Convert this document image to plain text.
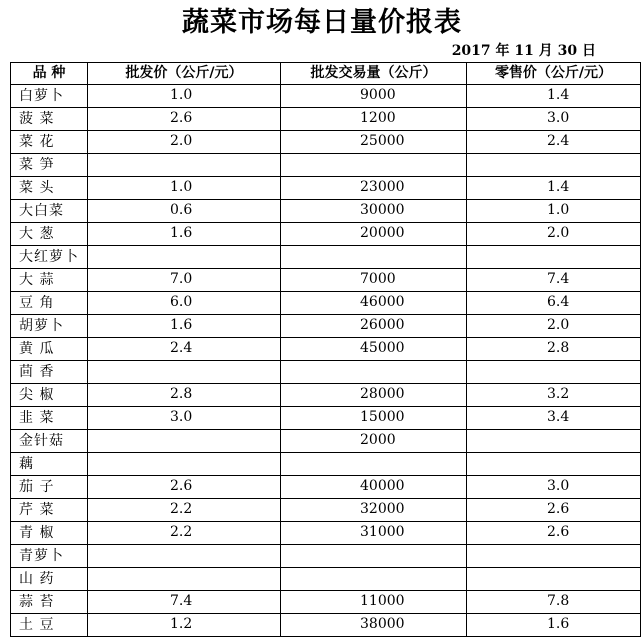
蔬菜市场每日量价报表
2017 年 11 月 30 日
品 种	批发价（公斤/元）	批发交易量（公斤）	零售价（公斤/元）
白萝卜	1.0	9000	1.4
菠 菜	2.6	1200	3.0
菜 花	2.0	25000	2.4
菜 笋			
菜 头	1.0	23000	1.4
大白菜	0.6	30000	1.0
大 葱	1.6	20000	2.0
大红萝卜			
大 蒜	7.0	7000	7.4
豆 角	6.0	46000	6.4
胡萝卜	1.6	26000	2.0
黄 瓜	2.4	45000	2.8
茴 香			
尖 椒	2.8	28000	3.2
韭 菜	3.0	15000	3.4
金针菇		2000	
藕			
茄 子	2.6	40000	3.0
芹 菜	2.2	32000	2.6
青 椒	2.2	31000	2.6
青萝卜			
山 药			
蒜 苔	7.4	11000	7.8
土 豆	1.2	38000	1.6
